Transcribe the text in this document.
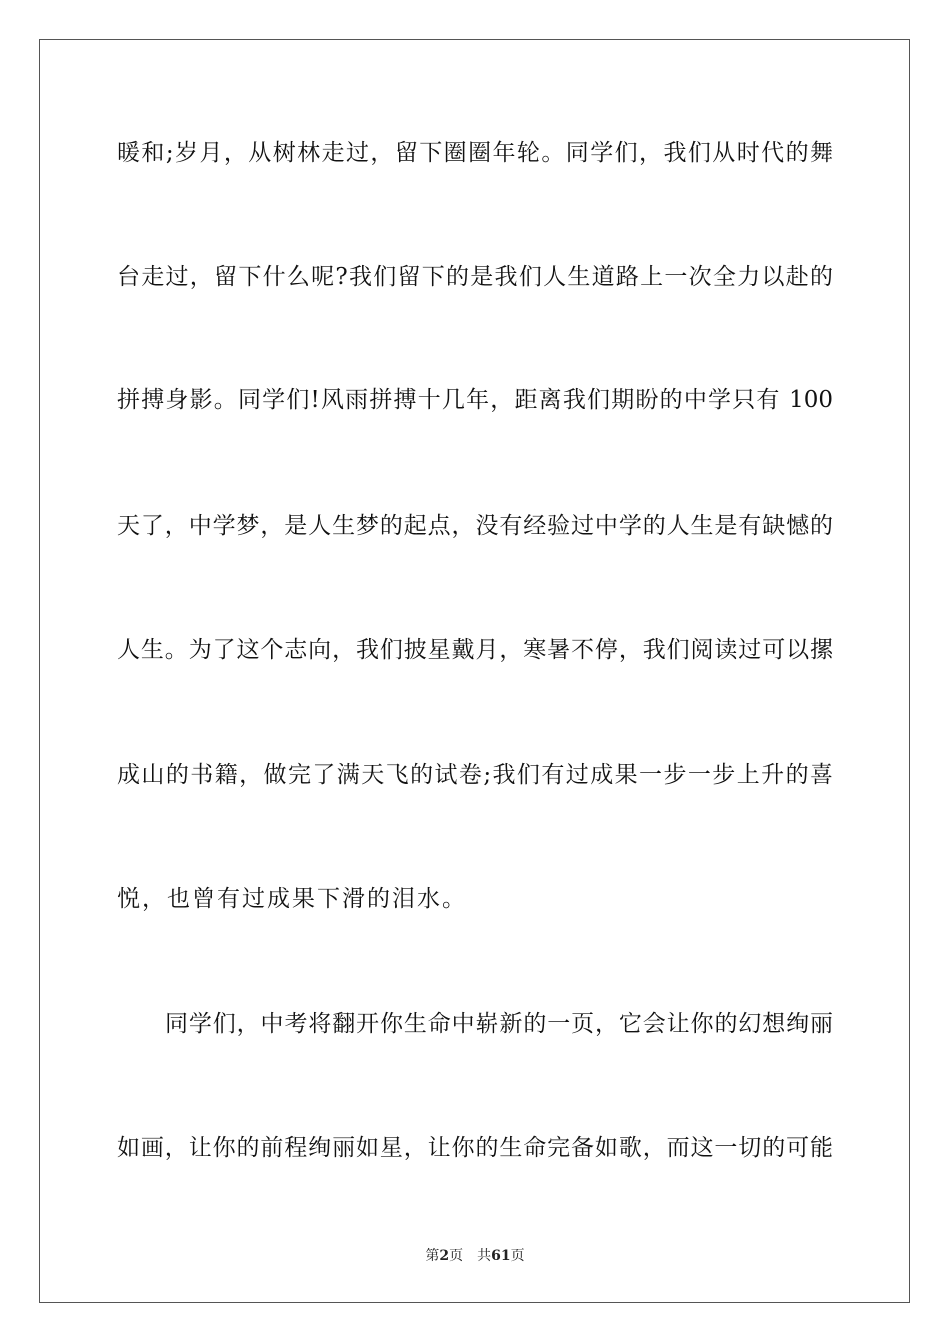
暖和;岁月，从树林走过，留下圈圈年轮。同学们，我们从时代的舞
台走过，留下什么呢?我们留下的是我们人生道路上一次全力以赴的
拼搏身影。同学们!风雨拼搏十几年，距离我们期盼的中学只有 100
天了，中学梦，是人生梦的起点，没有经验过中学的人生是有缺憾的
人生。为了这个志向，我们披星戴月，寒暑不停，我们阅读过可以摞
成山的书籍，做完了满天飞的试卷;我们有过成果一步一步上升的喜
悦，也曾有过成果下滑的泪水。
同学们，中考将翻开你生命中崭新的一页，它会让你的幻想绚丽
如画，让你的前程绚丽如星，让你的生命完备如歌，而这一切的可能
第2页 共61页
